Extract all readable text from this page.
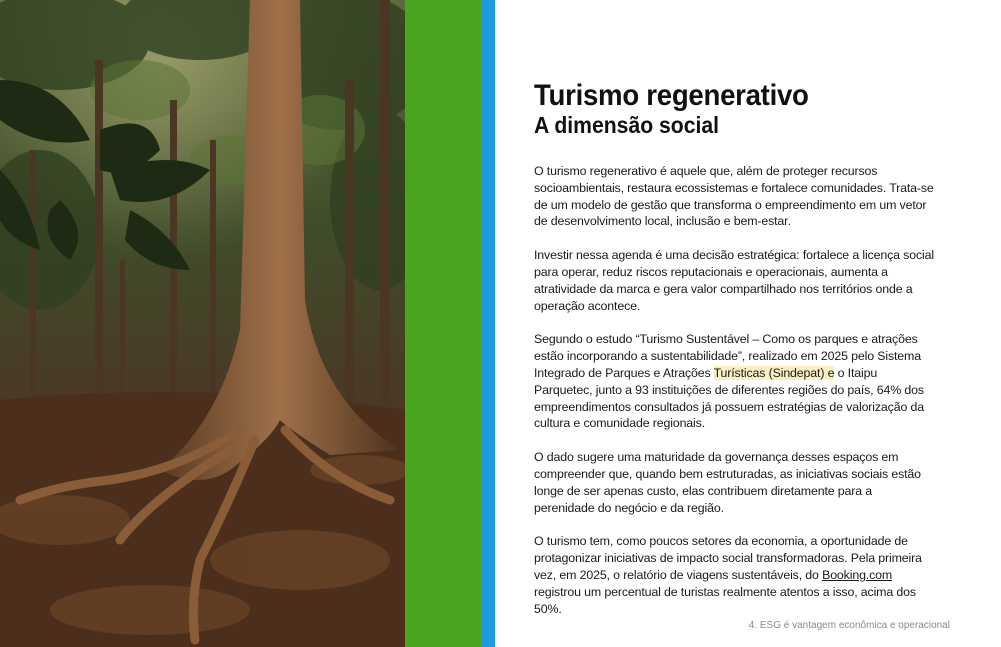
Turismo regenerativo
A dimensão social

O turismo regenerativo é aquele que, além de proteger recursos socioambientais, restaura ecossistemas e fortalece comunidades. Trata-se de um modelo de gestão que transforma o empreendimento em um vetor de desenvolvimento local, inclusão e bem-estar.

Investir nessa agenda é uma decisão estratégica: fortalece a licença social para operar, reduz riscos reputacionais e operacionais, aumenta a atratividade da marca e gera valor compartilhado nos territórios onde a operação acontece.

Segundo o estudo “Turismo Sustentável – Como os parques e atrações estão incorporando a sustentabilidade”, realizado em 2025 pelo Sistema Integrado de Parques e Atrações Turísticas (Sindepat) e o Itaipu Parquetec, junto a 93 instituições de diferentes regiões do país, 64% dos empreendimentos consultados já possuem estratégias de valorização da cultura e comunidade regionais.

O dado sugere uma maturidade da governança desses espaços em compreender que, quando bem estruturadas, as iniciativas sociais estão longe de ser apenas custo, elas contribuem diretamente para a perenidade do negócio e da região.

O turismo tem, como poucos setores da economia, a oportunidade de protagonizar iniciativas de impacto social transformadoras. Pela primeira vez, em 2025, o relatório de viagens sustentáveis, do Booking.com registrou um percentual de turistas realmente atentos a isso, acima dos 50%.

4. ESG é vantagem econômica e operacional
